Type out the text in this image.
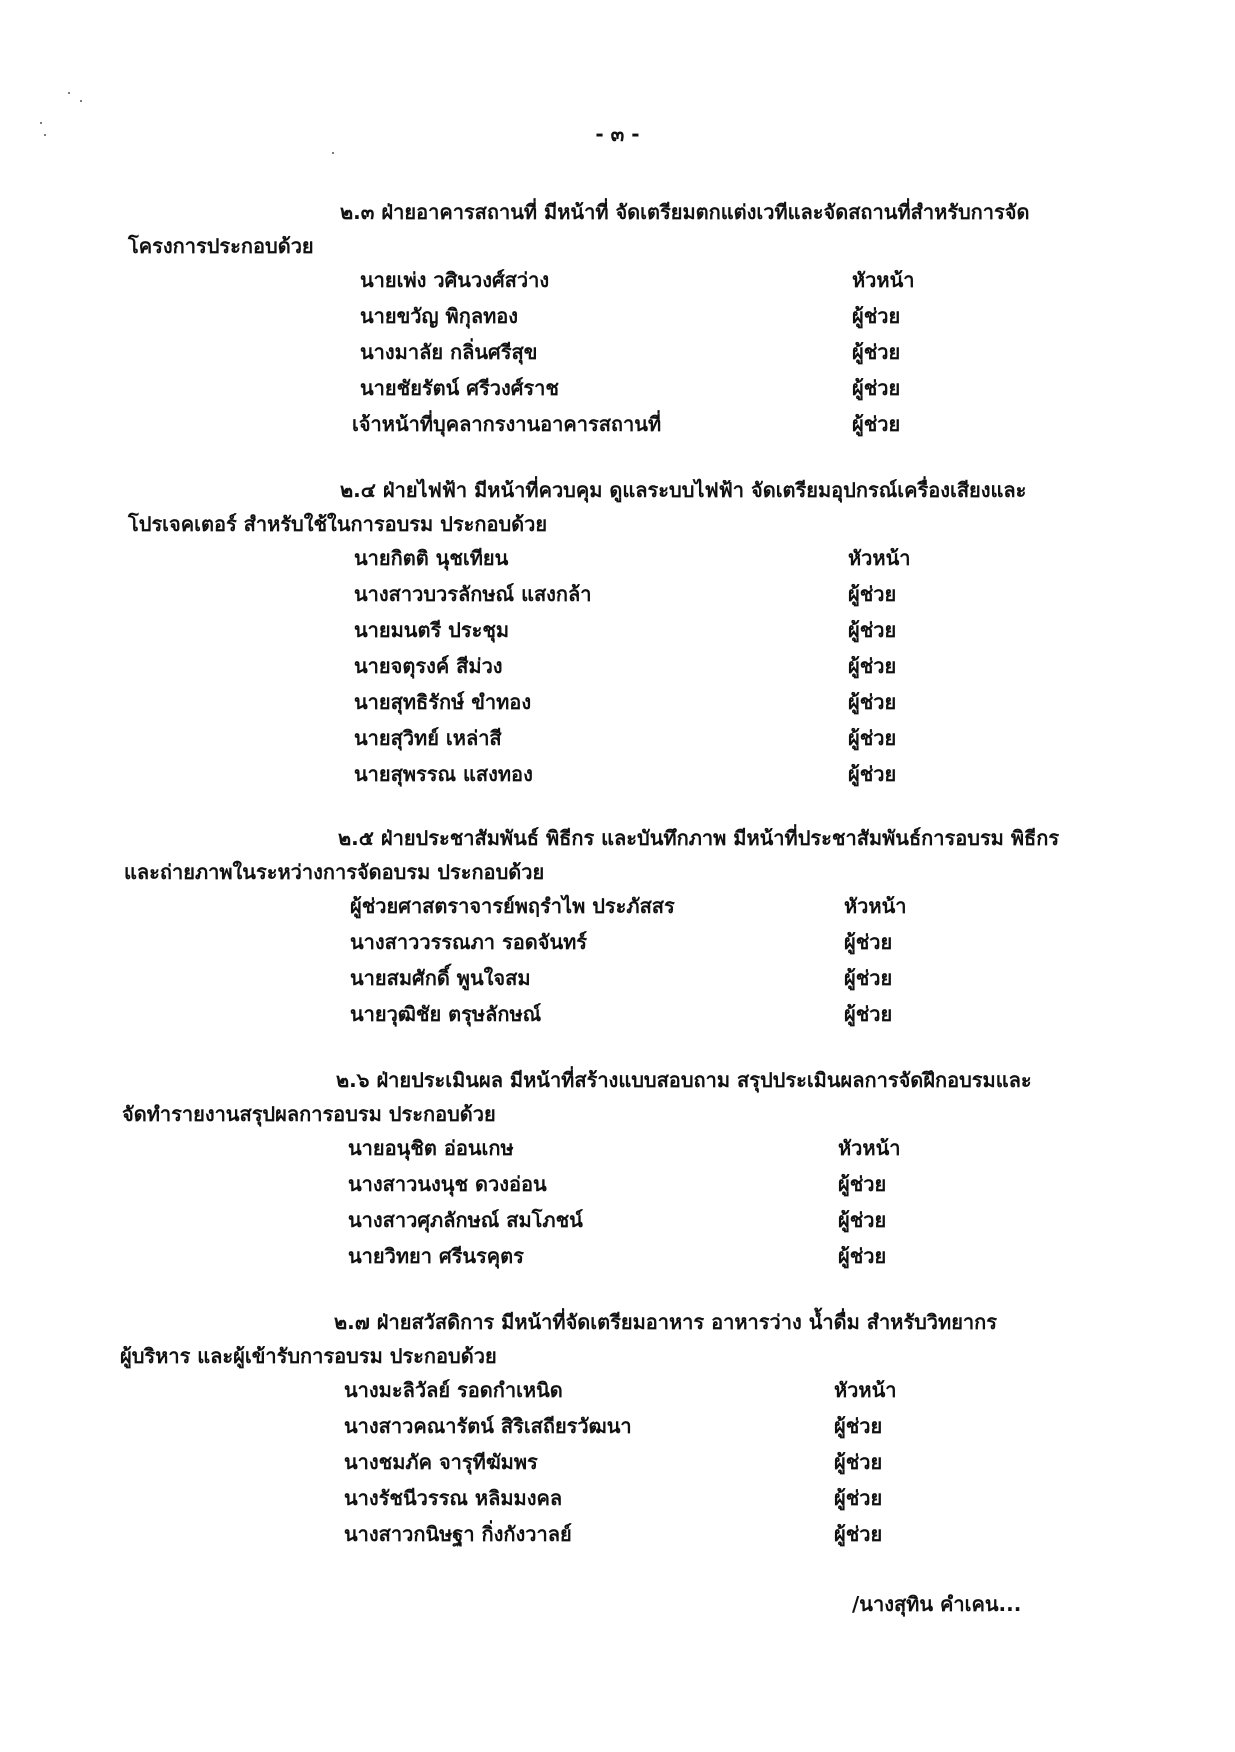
- ๓ -
๒.๓ ฝ่ายอาคารสถานที่ มีหน้าที่ จัดเตรียมตกแต่งเวทีและจัดสถานที่สำหรับการจัด
โครงการประกอบด้วย
นายเพ่ง วศินวงศ์สว่าง	หัวหน้า
นายขวัญ พิกุลทอง	ผู้ช่วย
นางมาลัย กลิ่นศรีสุข	ผู้ช่วย
นายชัยรัตน์ ศรีวงศ์ราช	ผู้ช่วย
เจ้าหน้าที่บุคลากรงานอาคารสถานที่	ผู้ช่วย
๒.๔ ฝ่ายไฟฟ้า มีหน้าที่ควบคุม ดูแลระบบไฟฟ้า จัดเตรียมอุปกรณ์เครื่องเสียงและ
โปรเจคเตอร์ สำหรับใช้ในการอบรม ประกอบด้วย
นายกิตติ นุชเทียน	หัวหน้า
นางสาวบวรลักษณ์ แสงกล้า	ผู้ช่วย
นายมนตรี ประชุม	ผู้ช่วย
นายจตุรงค์ สีม่วง	ผู้ช่วย
นายสุทธิรักษ์ ขำทอง	ผู้ช่วย
นายสุวิทย์ เหล่าสี	ผู้ช่วย
นายสุพรรณ แสงทอง	ผู้ช่วย
๒.๕ ฝ่ายประชาสัมพันธ์ พิธีกร และบันทึกภาพ มีหน้าที่ประชาสัมพันธ์การอบรม พิธีกร
และถ่ายภาพในระหว่างการจัดอบรม ประกอบด้วย
ผู้ช่วยศาสตราจารย์พฤรำไพ ประภัสสร	หัวหน้า
นางสาววรรณภา รอดจันทร์	ผู้ช่วย
นายสมศักดิ์ พูนใจสม	ผู้ช่วย
นายวุฒิชัย ตรุษลักษณ์	ผู้ช่วย
๒.๖ ฝ่ายประเมินผล มีหน้าที่สร้างแบบสอบถาม สรุปประเมินผลการจัดฝึกอบรมและ
จัดทำรายงานสรุปผลการอบรม ประกอบด้วย
นายอนุชิต อ่อนเกษ	หัวหน้า
นางสาวนงนุช ดวงอ่อน	ผู้ช่วย
นางสาวศุภลักษณ์ สมโภชน์	ผู้ช่วย
นายวิทยา ศรีนรคุตร	ผู้ช่วย
๒.๗ ฝ่ายสวัสดิการ มีหน้าที่จัดเตรียมอาหาร อาหารว่าง น้ำดื่ม สำหรับวิทยากร
ผู้บริหาร และผู้เข้ารับการอบรม ประกอบด้วย
นางมะลิวัลย์ รอดกำเหนิด	หัวหน้า
นางสาวคณารัตน์ สิริเสถียรวัฒนา	ผู้ช่วย
นางชมภัค จารุทีฆัมพร	ผู้ช่วย
นางรัชนีวรรณ หลิมมงคล	ผู้ช่วย
นางสาวกนิษฐา กิ่งกังวาลย์	ผู้ช่วย
/นางสุทิน คำเคน...
